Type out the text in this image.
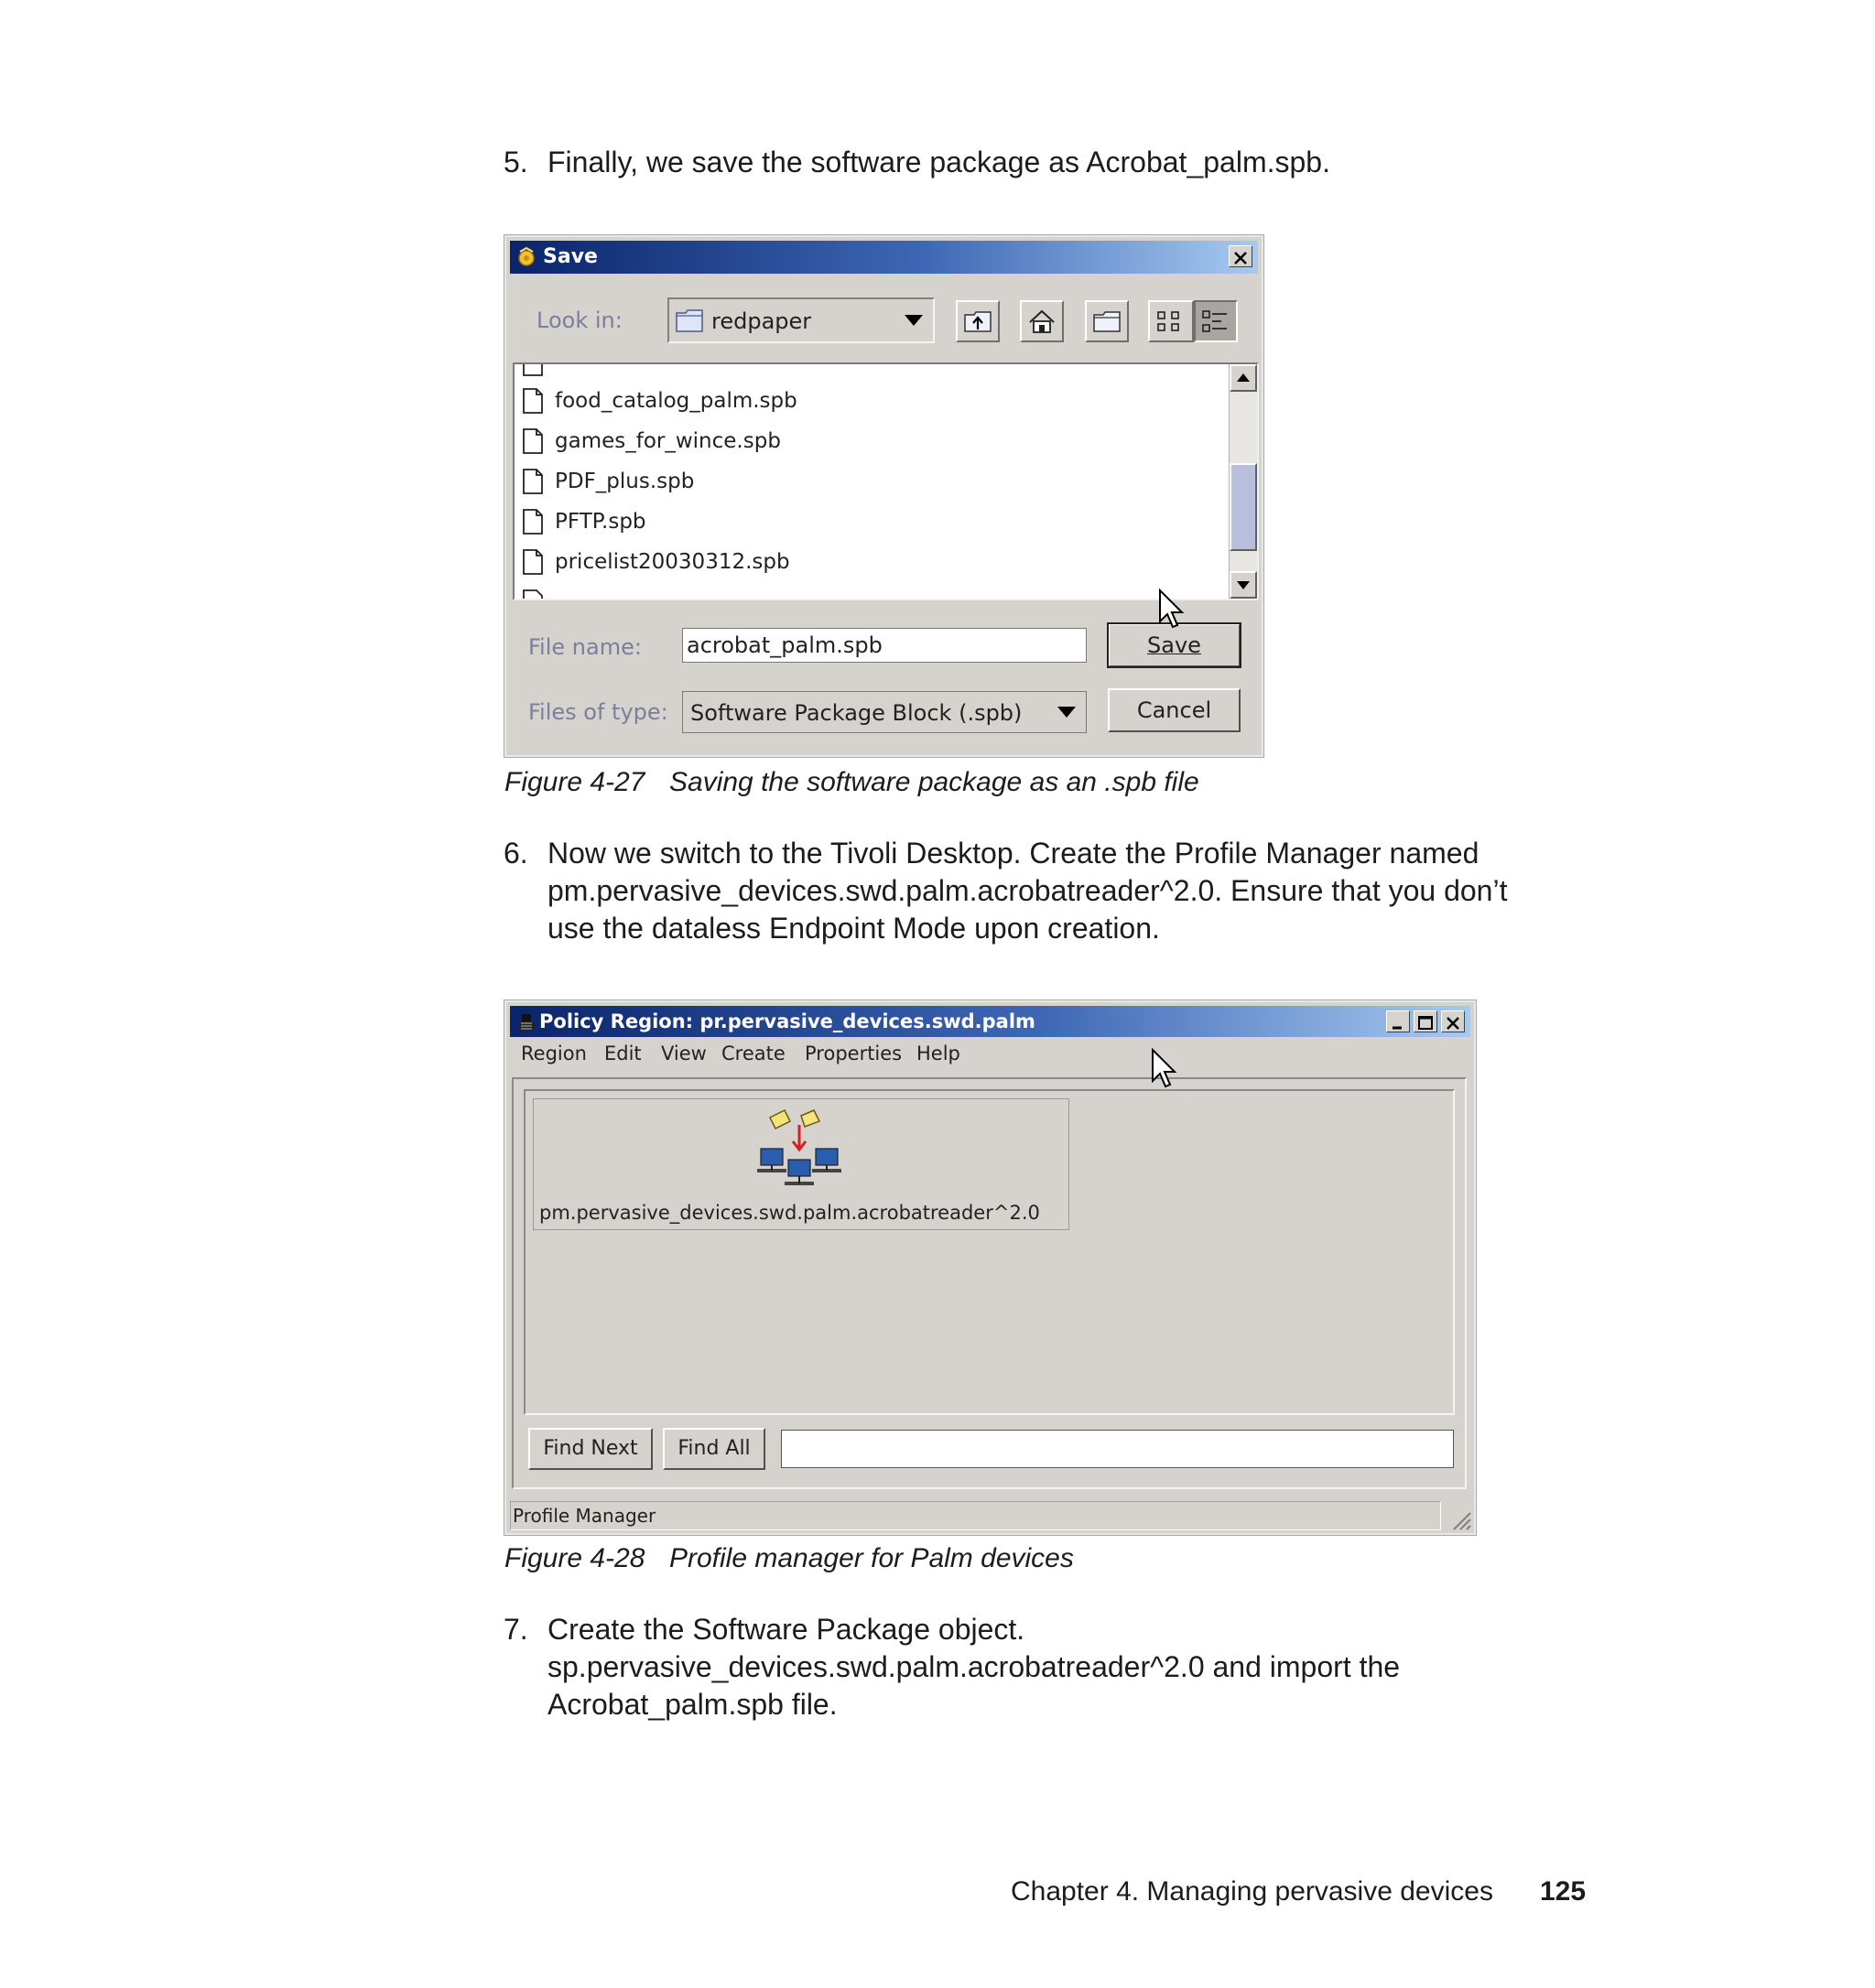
5. Finally, we save the software package as Acrobat_palm.spb.
Save
Look in:	redpaper
food_catalog_palm.spb
games_for_wince.spb
PDF_plus.spb
PFTP.spb
pricelist20030312.spb
File name: acrobat_palm.spb	Save
Files of type: Software Package Block (.spb)	Cancel
Figure 4-27 Saving the software package as an .spb file
6. Now we switch to the Tivoli Desktop. Create the Profile Manager named
pm.pervasive_devices.swd.palm.acrobatreader^2.0. Ensure that you don’t
use the dataless Endpoint Mode upon creation.
Policy Region: pr.pervasive_devices.swd.palm
Region Edit View Create Properties Help
pm.pervasive_devices.swd.palm.acrobatreader^2.0
Find Next	Find All
Profile Manager
Figure 4-28 Profile manager for Palm devices
7. Create the Software Package object.
sp.pervasive_devices.swd.palm.acrobatreader^2.0 and import the
Acrobat_palm.spb file.
Chapter 4. Managing pervasive devices 125
